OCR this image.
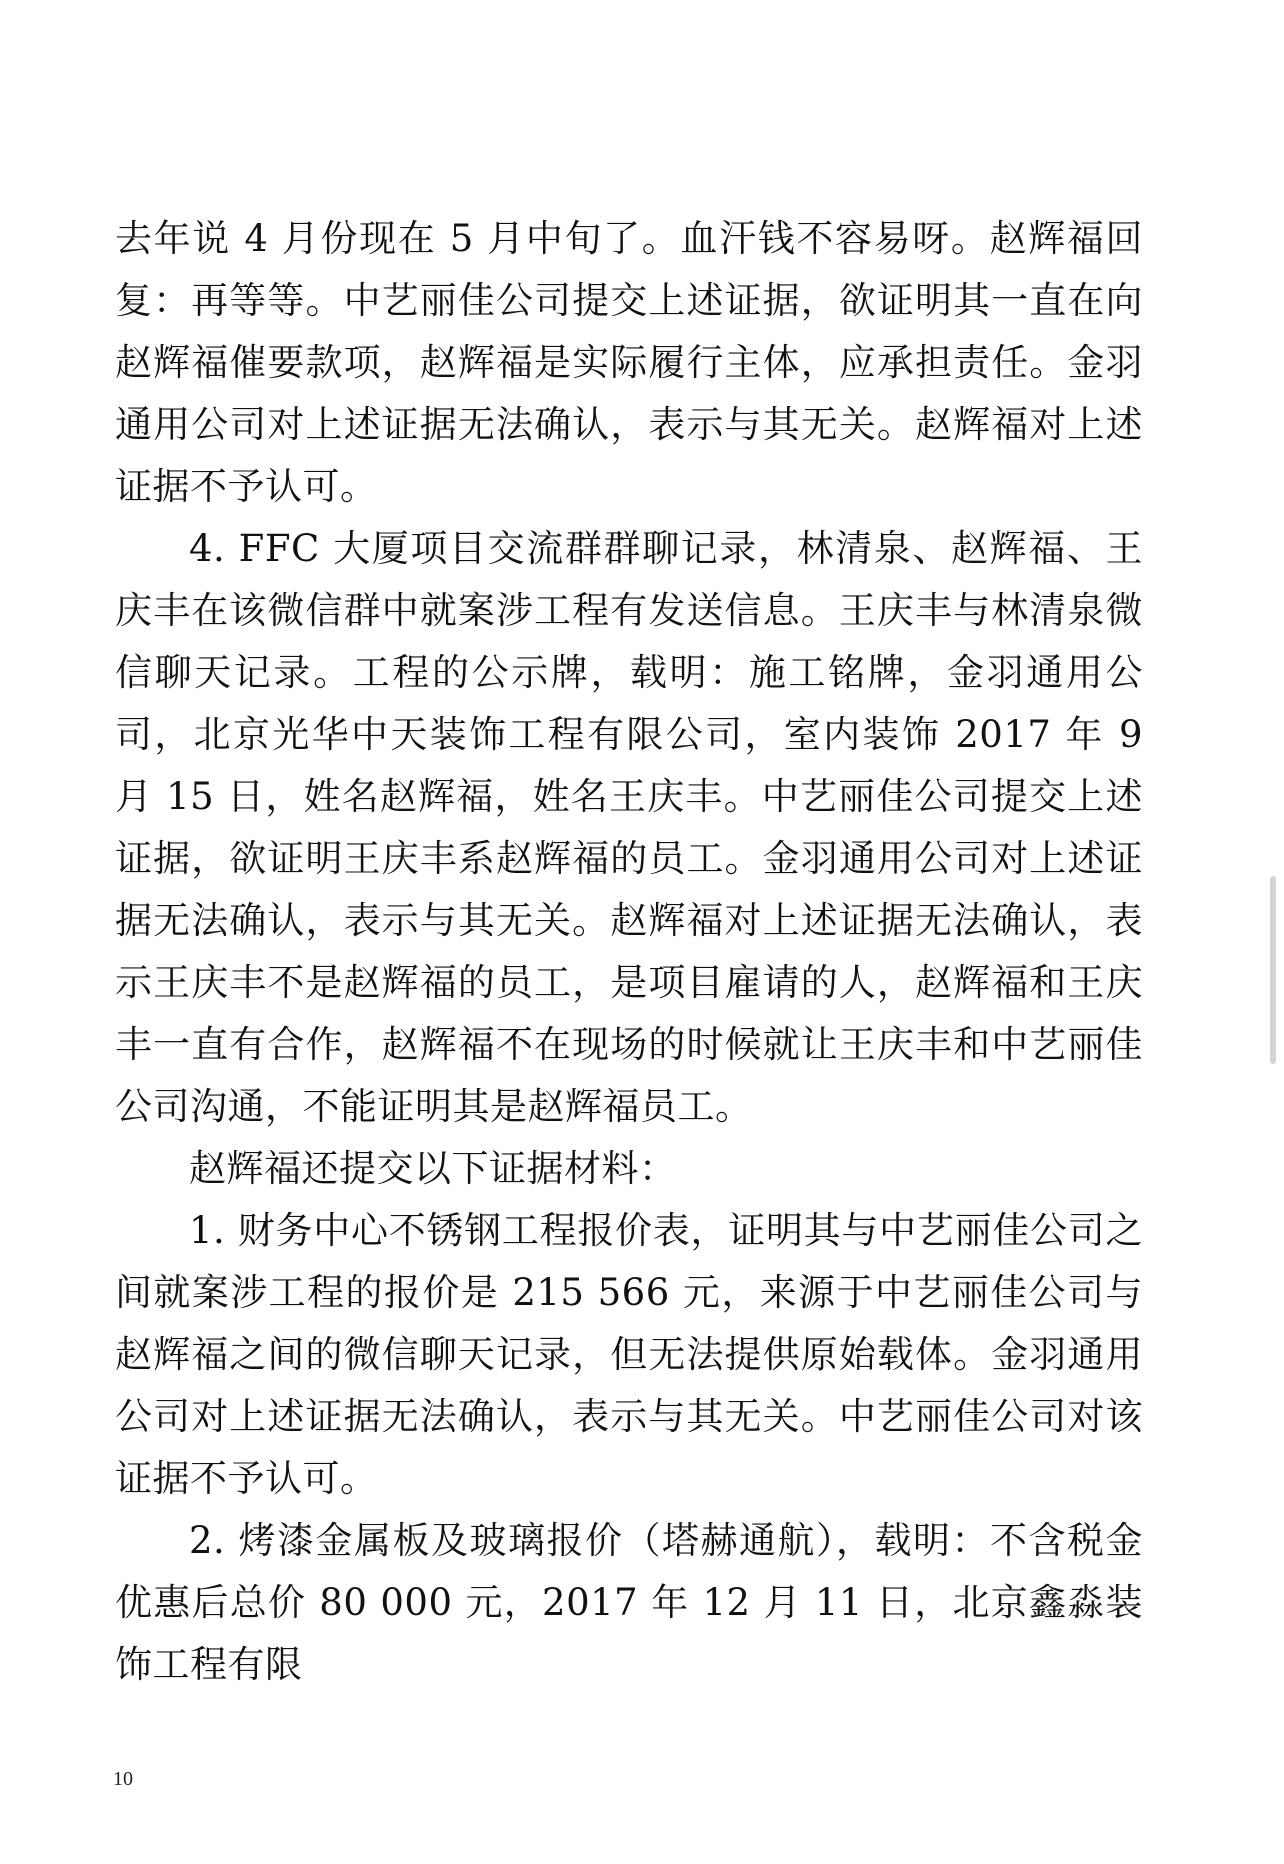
去年说 4 月份现在 5 月中旬了。血汗钱不容易呀。赵辉福回复：再等等。中艺丽佳公司提交上述证据，欲证明其一直在向赵辉福催要款项，赵辉福是实际履行主体，应承担责任。金羽通用公司对上述证据无法确认，表示与其无关。赵辉福对上述证据不予认可。

4. FFC 大厦项目交流群群聊记录，林清泉、赵辉福、王庆丰在该微信群中就案涉工程有发送信息。王庆丰与林清泉微信聊天记录。工程的公示牌，载明：施工铭牌，金羽通用公司，北京光华中天装饰工程有限公司，室内装饰 2017 年 9 月 15 日，姓名赵辉福，姓名王庆丰。中艺丽佳公司提交上述证据，欲证明王庆丰系赵辉福的员工。金羽通用公司对上述证据无法确认，表示与其无关。赵辉福对上述证据无法确认，表示王庆丰不是赵辉福的员工，是项目雇请的人，赵辉福和王庆丰一直有合作，赵辉福不在现场的时候就让王庆丰和中艺丽佳公司沟通，不能证明其是赵辉福员工。

赵辉福还提交以下证据材料：

1. 财务中心不锈钢工程报价表，证明其与中艺丽佳公司之间就案涉工程的报价是 215 566 元，来源于中艺丽佳公司与赵辉福之间的微信聊天记录，但无法提供原始载体。金羽通用公司对上述证据无法确认，表示与其无关。中艺丽佳公司对该证据不予认可。

2. 烤漆金属板及玻璃报价（塔赫通航），载明：不含税金优惠后总价 80 000 元，2017 年 12 月 11 日，北京鑫淼装饰工程有限

10
